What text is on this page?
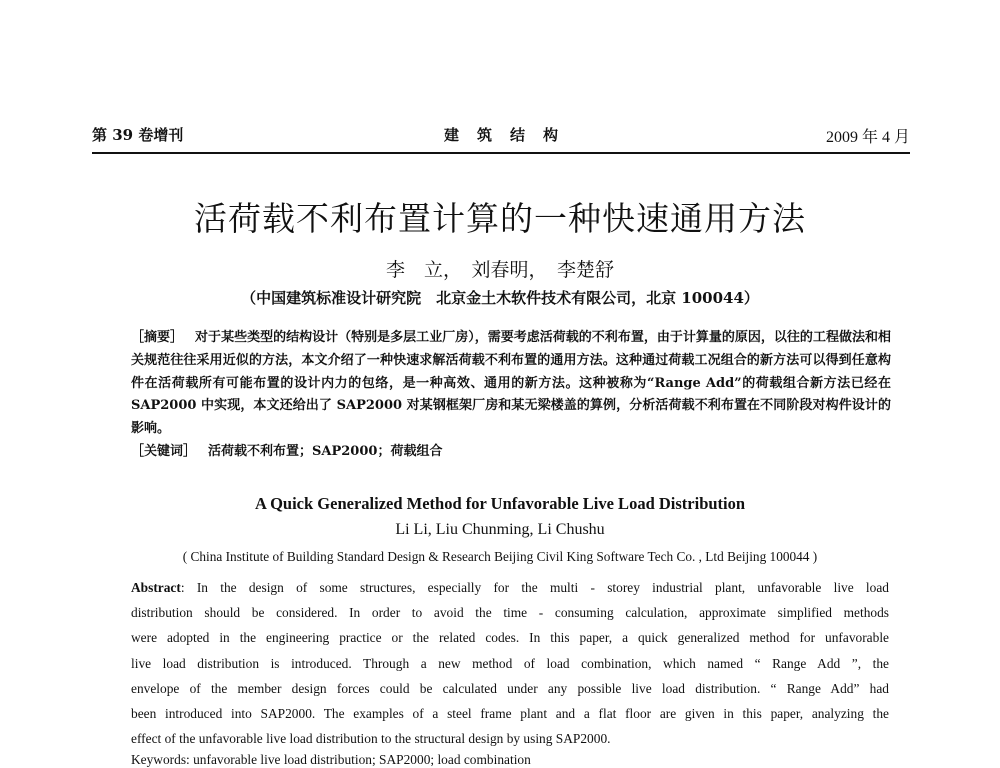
第 39 卷增刊	建筑结构	2009 年 4 月
活荷载不利布置计算的一种快速通用方法
李　立，　刘春明，　李楚舒
（中国建筑标准设计研究院　北京金土木软件技术有限公司，北京 100044）

［摘要］ 对于某些类型的结构设计（特别是多层工业厂房），需要考虑活荷载的不利布置，由于计算量的原因，以往的工程做法和相关规范往往采用近似的方法，本文介绍了一种快速求解活荷载不利布置的通用方法。这种通过荷载工况组合的新方法可以得到任意构件在活荷载所有可能布置的设计内力的包络，是一种高效、通用的新方法。这种被称为“Range Add”的荷载组合新方法已经在 SAP2000 中实现，本文还给出了 SAP2000 对某钢框架厂房和某无梁楼盖的算例，分析活荷载不利布置在不同阶段对构件设计的影响。

［关键词］ 活荷载不利布置；SAP2000；荷载组合

A Quick Generalized Method for Unfavorable Live Load Distribution
Li Li, Liu Chunming, Li Chushu
( China Institute of Building Standard Design & Research Beijing Civil King Software Tech Co. , Ltd Beijing 100044 )
Abstract: In the design of some structures, especially for the multi - storey industrial plant, unfavorable live load
distribution should be considered. In order to avoid the time - consuming calculation, approximate simplified methods
were adopted in the engineering practice or the related codes. In this paper, a quick generalized method for unfavorable
live load distribution is introduced. Through a new method of load combination, which named “ Range Add ”, the
envelope of the member design forces could be calculated under any possible live load distribution. “ Range Add” had
been introduced into SAP2000. The examples of a steel frame plant and a flat floor are given in this paper, analyzing the
effect of the unfavorable live load distribution to the structural design by using SAP2000.
Keywords: unfavorable live load distribution; SAP2000; load combination
